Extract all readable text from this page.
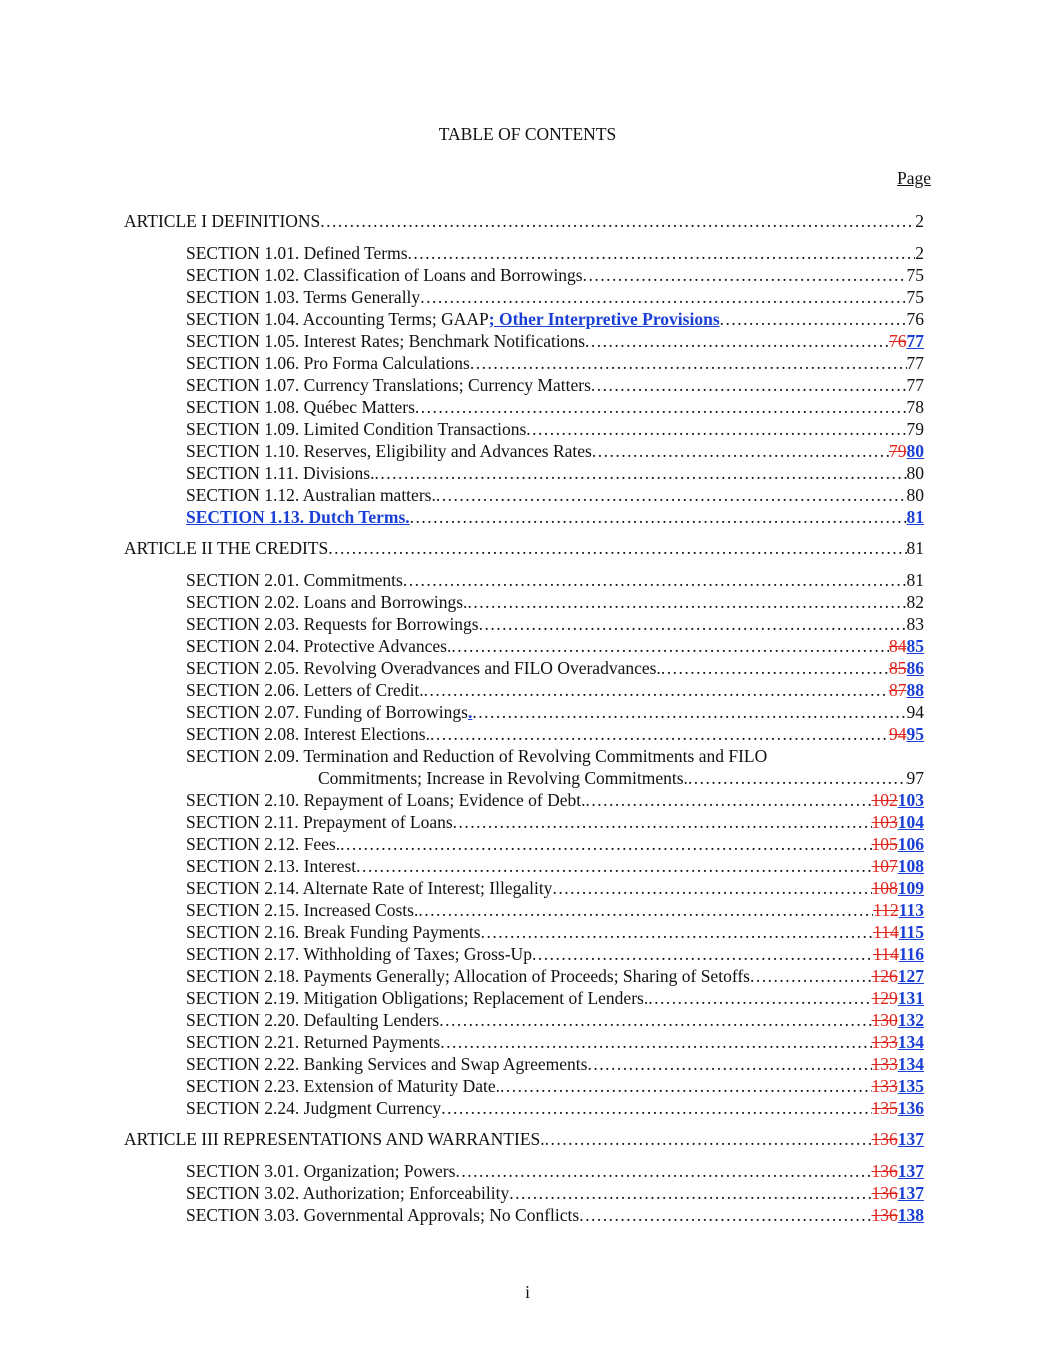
TABLE OF CONTENTS
Page
ARTICLE I DEFINITIONS .....	2
SECTION 1.01. Defined Terms .....	2
SECTION 1.02. Classification of Loans and Borrowings .....	75
SECTION 1.03. Terms Generally .....	75
SECTION 1.04. Accounting Terms; GAAP ; Other Interpretive Provisions .....	76
SECTION 1.05. Interest Rates; Benchmark Notifications .....	76 77
SECTION 1.06. Pro Forma Calculations .....	77
SECTION 1.07. Currency Translations; Currency Matters .....	77
SECTION 1.08. Québec Matters .....	78
SECTION 1.09. Limited Condition Transactions .....	79
SECTION 1.10. Reserves, Eligibility and Advances Rates .....	79 80
SECTION 1.11. Divisions. .....	80
SECTION 1.12. Australian matters. .....	80
SECTION 1.13. Dutch Terms. .....	81
ARTICLE II THE CREDITS .....	81
SECTION 2.01. Commitments .....	81
SECTION 2.02. Loans and Borrowings. .....	82
SECTION 2.03. Requests for Borrowings .....	83
SECTION 2.04. Protective Advances. .....	84 85
SECTION 2.05. Revolving Overadvances and FILO Overadvances. .....	85 86
SECTION 2.06. Letters of Credit. .....	87 88
SECTION 2.07. Funding of Borrowings . .....	94
SECTION 2.08. Interest Elections. .....	94 95
SECTION 2.09. Termination and Reduction of Revolving Commitments and FILO
Commitments; Increase in Revolving Commitments. .....	97
SECTION 2.10. Repayment of Loans; Evidence of Debt. .....	102 103
SECTION 2.11. Prepayment of Loans .....	103 104
SECTION 2.12. Fees. .....	105 106
SECTION 2.13. Interest .....	107 108
SECTION 2.14. Alternate Rate of Interest; Illegality .....	108 109
SECTION 2.15. Increased Costs. .....	112 113
SECTION 2.16. Break Funding Payments .....	114 115
SECTION 2.17. Withholding of Taxes; Gross-Up .....	114 116
SECTION 2.18. Payments Generally; Allocation of Proceeds; Sharing of Setoffs .....	126 127
SECTION 2.19. Mitigation Obligations; Replacement of Lenders. .....	129 131
SECTION 2.20. Defaulting Lenders .....	130 132
SECTION 2.21. Returned Payments .....	133 134
SECTION 2.22. Banking Services and Swap Agreements .....	133 134
SECTION 2.23. Extension of Maturity Date. .....	133 135
SECTION 2.24. Judgment Currency .....	135 136
ARTICLE III REPRESENTATIONS AND WARRANTIES. .....	136 137
SECTION 3.01. Organization; Powers .....	136 137
SECTION 3.02. Authorization; Enforceability .....	136 137
SECTION 3.03. Governmental Approvals; No Conflicts .....	136 138
i
